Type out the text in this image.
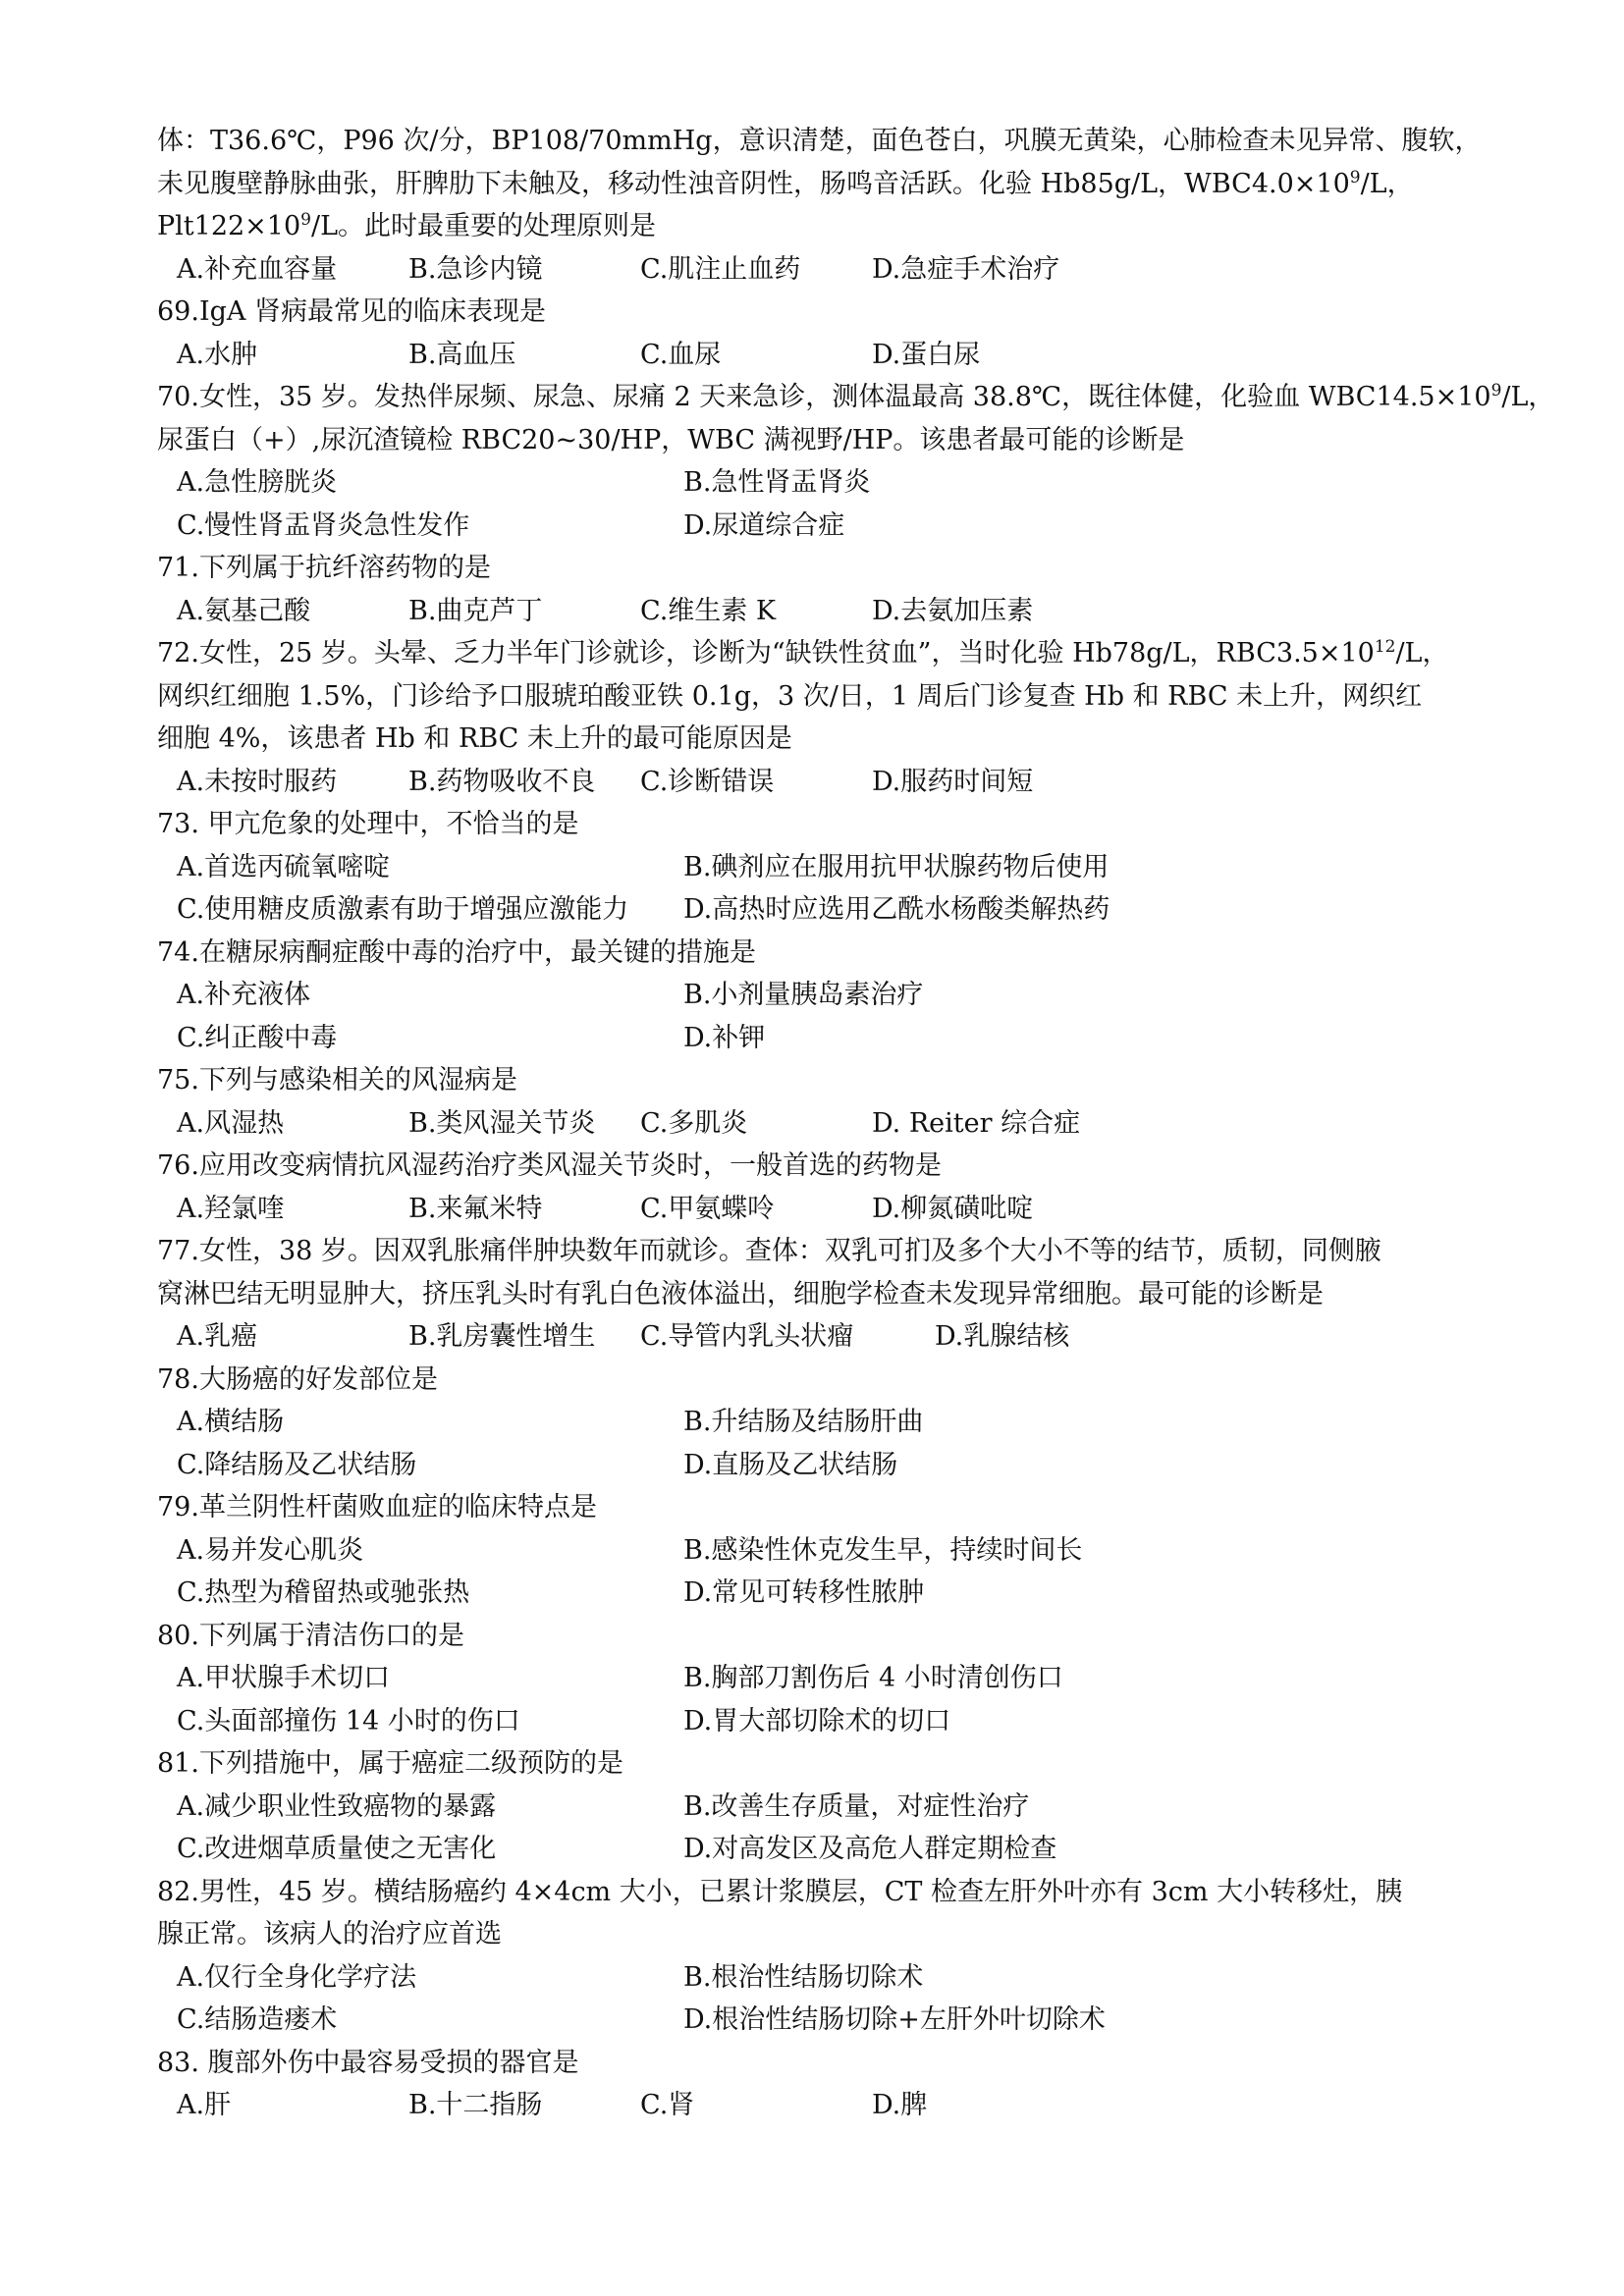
体：T36.6℃，P96 次/分，BP108/70mmHg，意识清楚，面色苍白，巩膜无黄染，心肺检查未见异常、腹软，
未见腹壁静脉曲张，肝脾肋下未触及，移动性浊音阴性，肠鸣音活跃。化验 Hb85g/L，$WBC4.0\times 10^9/L$，
$Plt122\times 10^9/L$。此时最重要的处理原则是
A.补充血容量	B.急诊内镜	C.肌注止血药	D.急症手术治疗
69.IgA 肾病最常见的临床表现是
A.水肿	B.高血压	C.血尿	D.蛋白尿
70.女性，35 岁。发热伴尿频、尿急、尿痛 2 天来急诊，测体温最高 38.8℃，既往体健，化验血 $WBC14.5\times 10^9/L$，
尿蛋白（+）,尿沉渣镜检 RBC20~30/HP，WBC 满视野/HP。该患者最可能的诊断是
A.急性膀胱炎	B.急性肾盂肾炎
C.慢性肾盂肾炎急性发作	D.尿道综合症
71.下列属于抗纤溶药物的是
A.氨基己酸	B.曲克芦丁	C.维生素 K	D.去氨加压素
72.女性，25 岁。头晕、乏力半年门诊就诊，诊断为“缺铁性贫血”，当时化验 Hb78g/L，$RBC3.5\times 10^{12}/L$，
网织红细胞 1.5%，门诊给予口服琥珀酸亚铁 0.1g，3 次/日，1 周后门诊复查 Hb 和 RBC 未上升，网织红
细胞 4%，该患者 Hb 和 RBC 未上升的最可能原因是
A.未按时服药	B.药物吸收不良	C.诊断错误	D.服药时间短
73. 甲亢危象的处理中，不恰当的是
A.首选丙硫氧嘧啶	B.碘剂应在服用抗甲状腺药物后使用
C.使用糖皮质激素有助于增强应激能力	D.高热时应选用乙酰水杨酸类解热药
74.在糖尿病酮症酸中毒的治疗中，最关键的措施是
A.补充液体	B.小剂量胰岛素治疗
C.纠正酸中毒	D.补钾
75.下列与感染相关的风湿病是
A.风湿热	B.类风湿关节炎	C.多肌炎	D. Reiter 综合症
76.应用改变病情抗风湿药治疗类风湿关节炎时，一般首选的药物是
A.羟氯喹	B.来氟米特	C.甲氨蝶呤	D.柳氮磺吡啶
77.女性，38 岁。因双乳胀痛伴肿块数年而就诊。查体：双乳可扪及多个大小不等的结节，质韧，同侧腋
窝淋巴结无明显肿大，挤压乳头时有乳白色液体溢出，细胞学检查未发现异常细胞。最可能的诊断是
A.乳癌	B.乳房囊性增生	C.导管内乳头状瘤	D.乳腺结核
78.大肠癌的好发部位是
A.横结肠	B.升结肠及结肠肝曲
C.降结肠及乙状结肠	D.直肠及乙状结肠
79.革兰阴性杆菌败血症的临床特点是
A.易并发心肌炎	B.感染性休克发生早，持续时间长
C.热型为稽留热或驰张热	D.常见可转移性脓肿
80.下列属于清洁伤口的是
A.甲状腺手术切口	B.胸部刀割伤后 4 小时清创伤口
C.头面部撞伤 14 小时的伤口	D.胃大部切除术的切口
81.下列措施中，属于癌症二级预防的是
A.减少职业性致癌物的暴露	B.改善生存质量，对症性治疗
C.改进烟草质量使之无害化	D.对高发区及高危人群定期检查
82.男性，45 岁。横结肠癌约 4×4cm 大小，已累计浆膜层，CT 检查左肝外叶亦有 3cm 大小转移灶，胰
腺正常。该病人的治疗应首选
A.仅行全身化学疗法	B.根治性结肠切除术
C.结肠造瘘术	D.根治性结肠切除+左肝外叶切除术
83. 腹部外伤中最容易受损的器官是
A.肝	B.十二指肠	C.肾	D.脾
